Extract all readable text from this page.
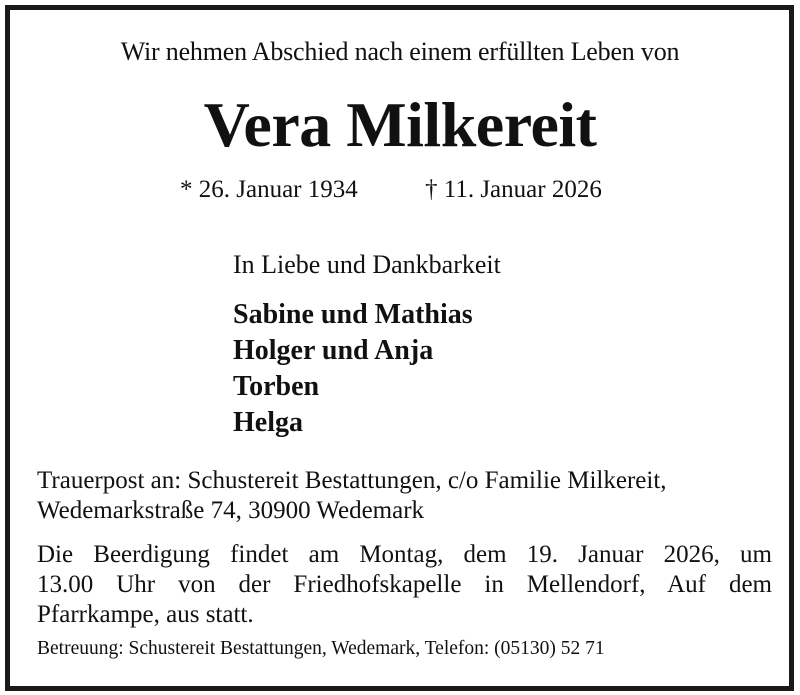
Wir nehmen Abschied nach einem erfüllten Leben von
Vera Milkereit
* 26. Januar 1934	† 11. Januar 2026
In Liebe und Dankbarkeit
Sabine und Mathias
Holger und Anja
Torben
Helga
Trauerpost an: Schustereit Bestattungen, c/o Familie Milkereit,
Wedemarkstraße 74, 30900 Wedemark
Die Beerdigung findet am Montag, dem 19. Januar 2026, um
13.00 Uhr von der Friedhofskapelle in Mellendorf, Auf dem
Pfarrkampe, aus statt.
Betreuung: Schustereit Bestattungen, Wedemark, Telefon: (05130) 52 71
